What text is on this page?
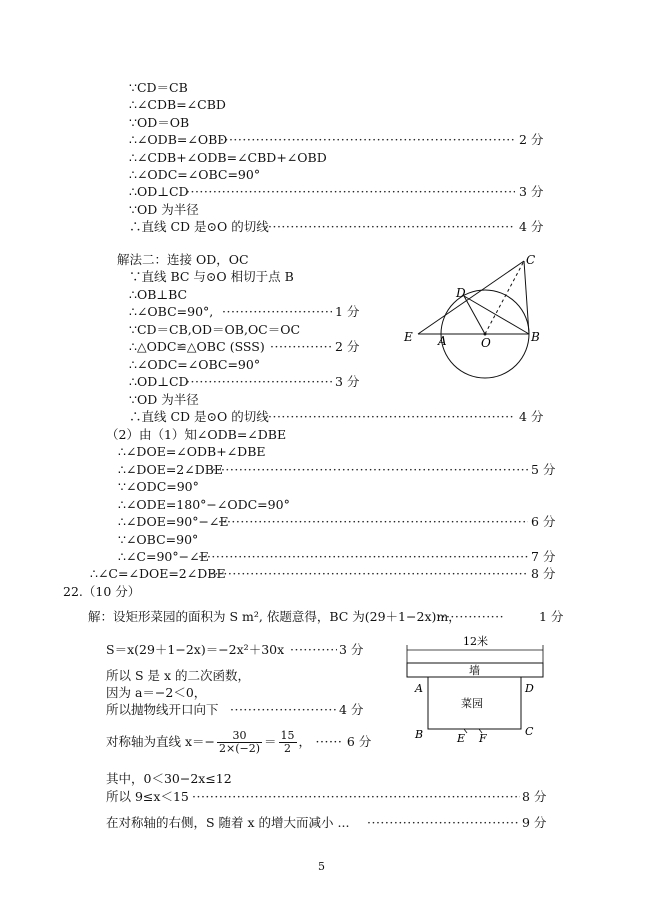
∵CD＝CB
∴∠CDB=∠CBD
∵OD＝OB
∴∠ODB=∠OBD ·····	2 分
∴∠CDB+∠ODB=∠CBD+∠OBD
∴∠ODC=∠OBC=90°
∴OD⊥CD ·····	3 分
∵OD 为半径
∴直线 CD 是⊙O 的切线 ·····	4 分
解法二：连接 OD，OC
∵直线 BC 与⊙O 相切于点 B
∴OB⊥BC
∴∠OBC=90°, ·····	1 分
∵CD＝CB,OD＝OB,OC＝OC
∴△ODC≌△OBC (SSS) ·····	2 分
∴∠ODC=∠OBC=90°
∴OD⊥CD ·····	3 分
∵OD 为半径
∴直线 CD 是⊙O 的切线 ·····	4 分
C
D
E A	O	B
（2）由（1）知∠ODB=∠DBE
∴∠DOE=∠ODB+∠DBE
∴∠DOE=2∠DBE ·····	5 分
∵∠ODC=90°
∴∠ODE=180°−∠ODC=90°
∴∠DOE=90°−∠E ·····	6 分
∵∠OBC=90°
∴∠C=90°−∠E ·····	7 分
∴∠C=∠DOE=2∠DBE ·····	8 分
22.（10 分）
解：设矩形菜园的面积为 S m², 依题意得，BC 为(29＋1−2x)m， ·····	1 分
S＝x(29＋1−2x)＝−2x²＋30x ·····	3 分
所以 S 是 x 的二次函数，
因为 a＝−2＜0，
所以抛物线开口向下 ·····	4 分
对称轴为直线 $x=- \frac{30}{2\times(-2)} = \frac{15}{2}$ ， ······ 6 分
其中，0＜30−2x≤12
所以 9≤x＜15 ·····	8 分
在对称轴的右侧，S 随着 x 的增大而减小 ... ·····	9 分
12米
墙
菜园
A	D
B	C
E F
5
